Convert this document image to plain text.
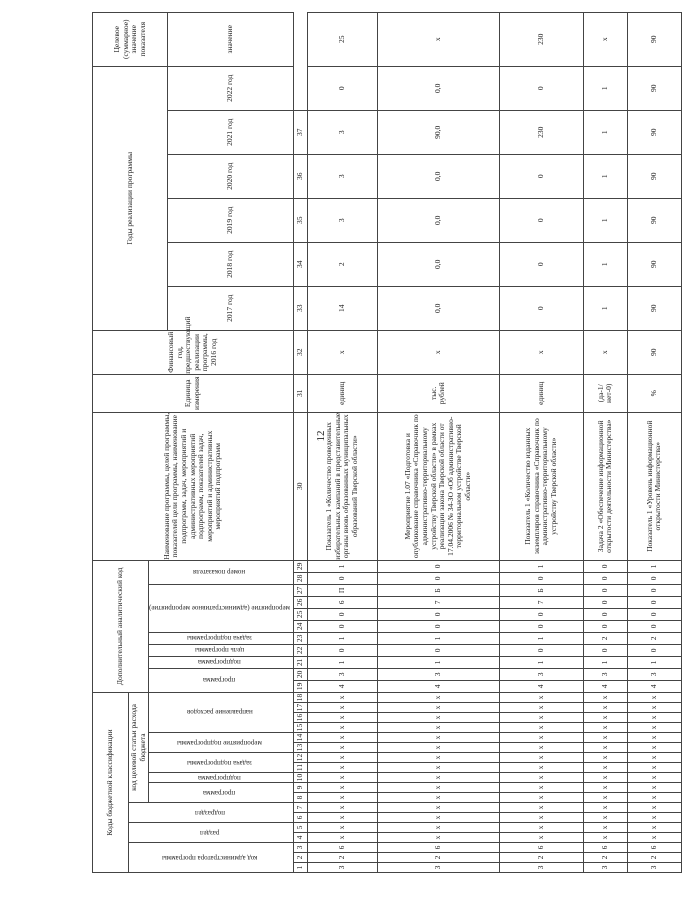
12
Коды бюджетной классификации																		Дополнительный аналитический код											Наименование программы, целей программы, показателей цели программы, наименование подпрограмм, задач, мероприятий и административных мероприятий подпрограмм, показателей задач, мероприятий и административных мероприятий подпрограмм	Единица измерения	Финансовый год, предшествующий реализации программы, 2016 год	Годы реализации программы						Целевое (суммарное) значение показателя
код администратора программы			раздел		подраздел		код целевой статьи расхода бюджета																															
							программа		подпрограмма	задача подпрограммы		мероприятие подпрограммы		направление расходов				программа		подпрограмма	цель программы	задача подпрограммы	мероприятие (административное мероприятие)				номер показателя											
																																2017 год	2018 год	2019 год	2020 год	2021 год	2022 год	значение
1	2	3	4	5	6	7	8	9	10	11	12	13	14	15	16	17	18	19	20	21	22	23	24	25	26	27	28	29	30	31	32	33	34	35	36	37		
3	2	6	x	x	x	x	x	x	x	x	x	x	x	x	x	x	x	4	3	1	0	1	0	0	6	П	0	1	Показатель 1 «Количество проведенных избирательных кампаний в представительные органы вновь образованных муниципальных образований Тверской области»	единиц	x	14	2	3	3	3	0	25
3	2	6	x	x	x	x	x	x	x	x	x	x	x	x	x	x	x	4	3	1	0	1	0	0	7	Б	0	0	Мероприятие 1.07 «Подготовка и опубликование справочника «Справочник по административно-территориальному устройству Тверской области» в рамках реализации закона Тверской области от 17.04.2006 № 34-ЗО «Об административно-территориальном устройстве Тверской области»	тыс. рублей	x	0,0	0,0	0,0	0,0	90,0	0,0	x
3	2	6	x	x	x	x	x	x	x	x	x	x	x	x	x	x	x	4	3	1	0	1	0	0	7	Б	0	1	Показатель 1 «Количество изданных экземпляров справочника «Справочник по административно-территориальному устройству Тверской области»	единиц	x	0	0	0	0	230	0	230
3	2	6	x	x	x	x	x	x	x	x	x	x	x	x	x	x	x	4	3	1	0	2	0	0	0	0	0	0	Задача 2 «Обеспечение информационной открытости деятельности Министерства»	(да-1/нет-0)	x	1	1	1	1	1	1	x
3	2	6	x	x	x	x	x	x	x	x	x	x	x	x	x	x	x	4	3	1	0	2	0	0	0	0	0	1	Показатель 1 «Уровень информационной открытости Министерства»	%	90	90	90	90	90	90	90	90
